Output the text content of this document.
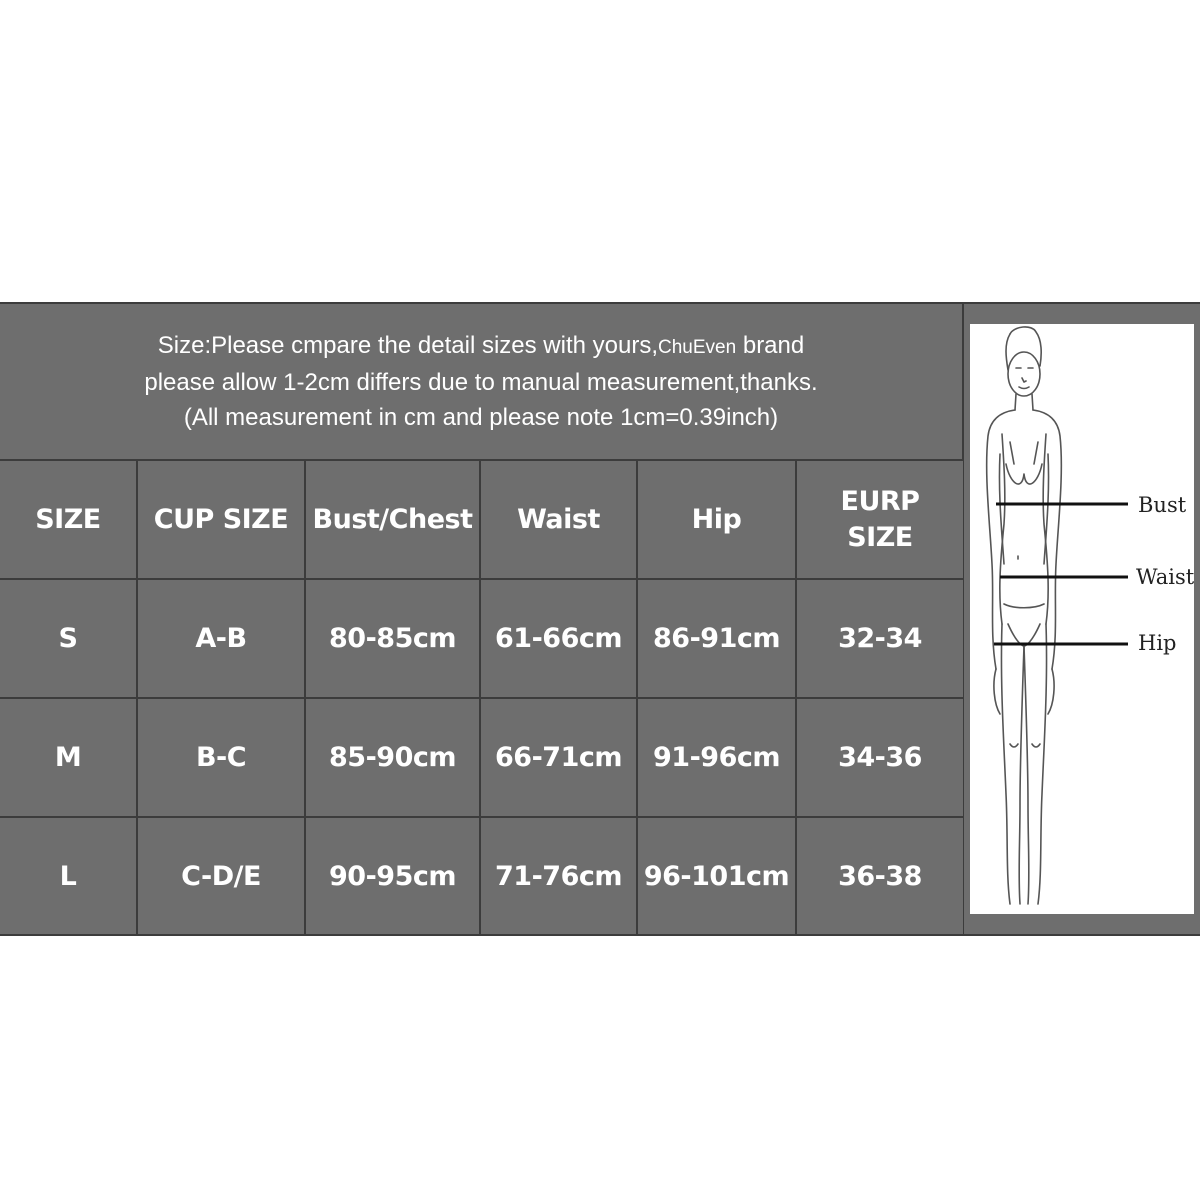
Size:Please cmpare the detail sizes with yours,ChuEven brand
please allow 1-2cm differs due to manual measurement,thanks.
(All measurement in cm and please note 1cm=0.39inch)
SIZE	CUP SIZE	Bust/Chest	Waist	Hip	EURP SIZE

S	A-B	80-85cm	61-66cm	86-91cm	32-34
M	B-C	85-90cm	66-71cm	91-96cm	34-36
L	C-D/E	90-95cm	71-76cm	96-101cm	36-38
Bust
Waist
Hip
